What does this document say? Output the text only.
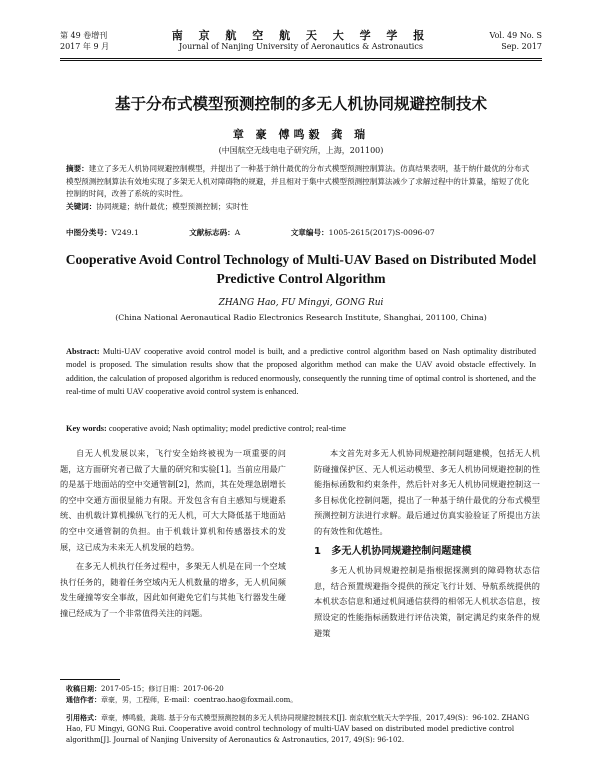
第 49 卷增刊
2017 年 9 月
南 京 航 空 航 天 大 学 学 报
Journal of Nanjing University of Aeronautics & Astronautics
Vol. 49 No. S
Sep. 2017
基于分布式模型预测控制的多无人机协同规避控制技术
章 豪 傅鸣毅 龚 瑞
(中国航空无线电电子研究所，上海，201100)
摘要：建立了多无人机协同规避控制模型，并提出了一种基于纳什最优的分布式模型预测控制算法。仿真结果表明，基于纳什最优的分布式模型预测控制算法有效地实现了多架无人机对障碍物的规避，并且相对于集中式模型预测控制算法减少了求解过程中的计算量，缩短了优化控制的时间，改善了系统的实时性。
关键词：协同规避；纳什最优；模型预测控制；实时性
中图分类号：V249.1	文献标志码：A	文章编号：1005-2615(2017)S-0096-07
Cooperative Avoid Control Technology of Multi-UAV Based on Distributed Model Predictive Control Algorithm
ZHANG Hao, FU Mingyi, GONG Rui
(China National Aeronautical Radio Electronics Research Institute, Shanghai, 201100, China)
Abstract: Multi-UAV cooperative avoid control model is built, and a predictive control algorithm based on Nash optimality distributed model is proposed. The simulation results show that the proposed algorithm method can make the UAV avoid obstacle effectively. In addition, the calculation of proposed algorithm is reduced enormously, consequently the running time of optimal control is shortened, and the real-time of multi UAV cooperative avoid control system is enhanced.
Key words: cooperative avoid; Nash optimality; model predictive control; real-time

自无人机发展以来，飞行安全始终被视为一项重要的问题，这方面研究者已做了大量的研究和实验[1]。当前应用最广的是基于地面站的空中交通管制[2]，然而，其在处理急剧增长的空中交通方面很显能力有限。开发包含有自主感知与规避系统、由机载计算机操纵飞行的无人机，可大大降低基于地面站的空中交通管制的负担。由于机载计算机和传感器技术的发展，这已成为未来无人机发展的趋势。

在多无人机执行任务过程中，多架无人机是在同一个空域执行任务的，随着任务空域内无人机数量的增多，无人机间频发生碰撞等安全事故，因此如何避免它们与其他飞行器发生碰撞已经成为了一个非常值得关注的问题。

本文首先对多无人机协同规避控制问题建模，包括无人机防碰撞保护区、无人机运动模型、多无人机协同规避控制的性能指标函数和约束条件，然后针对多无人机协同规避控制这一多目标优化控制问题，提出了一种基于纳什最优的分布式模型预测控制方法进行求解。最后通过仿真实验验证了所提出方法的有效性和优越性。

1 多无人机协同规避控制问题建模

多无人机协同规避控制是指根据探测到的障碍物状态信息，结合预置规避指令提供的预定飞行计划、导航系统提供的本机状态信息和通过机间通信获得的相邻无人机状态信息，按照设定的性能指标函数进行评估决策，制定满足约束条件的规避策

收稿日期：2017-05-15；修订日期：2017-06-20
通信作者：章豪，男，工程师，E-mail：coentrao.hao@foxmail.com。
引用格式：章豪，傅鸣毅，龚瑞. 基于分布式模型预测控制的多无人机协同规避控制技术[J]. 南京航空航天大学学报，2017,49(S)：96-102. ZHANG Hao, FU Mingyi, GONG Rui. Cooperative avoid control technology of multi-UAV based on distributed model predictive control algorithm[J]. Journal of Nanjing University of Aeronautics & Astronautics, 2017, 49(S): 96-102.
